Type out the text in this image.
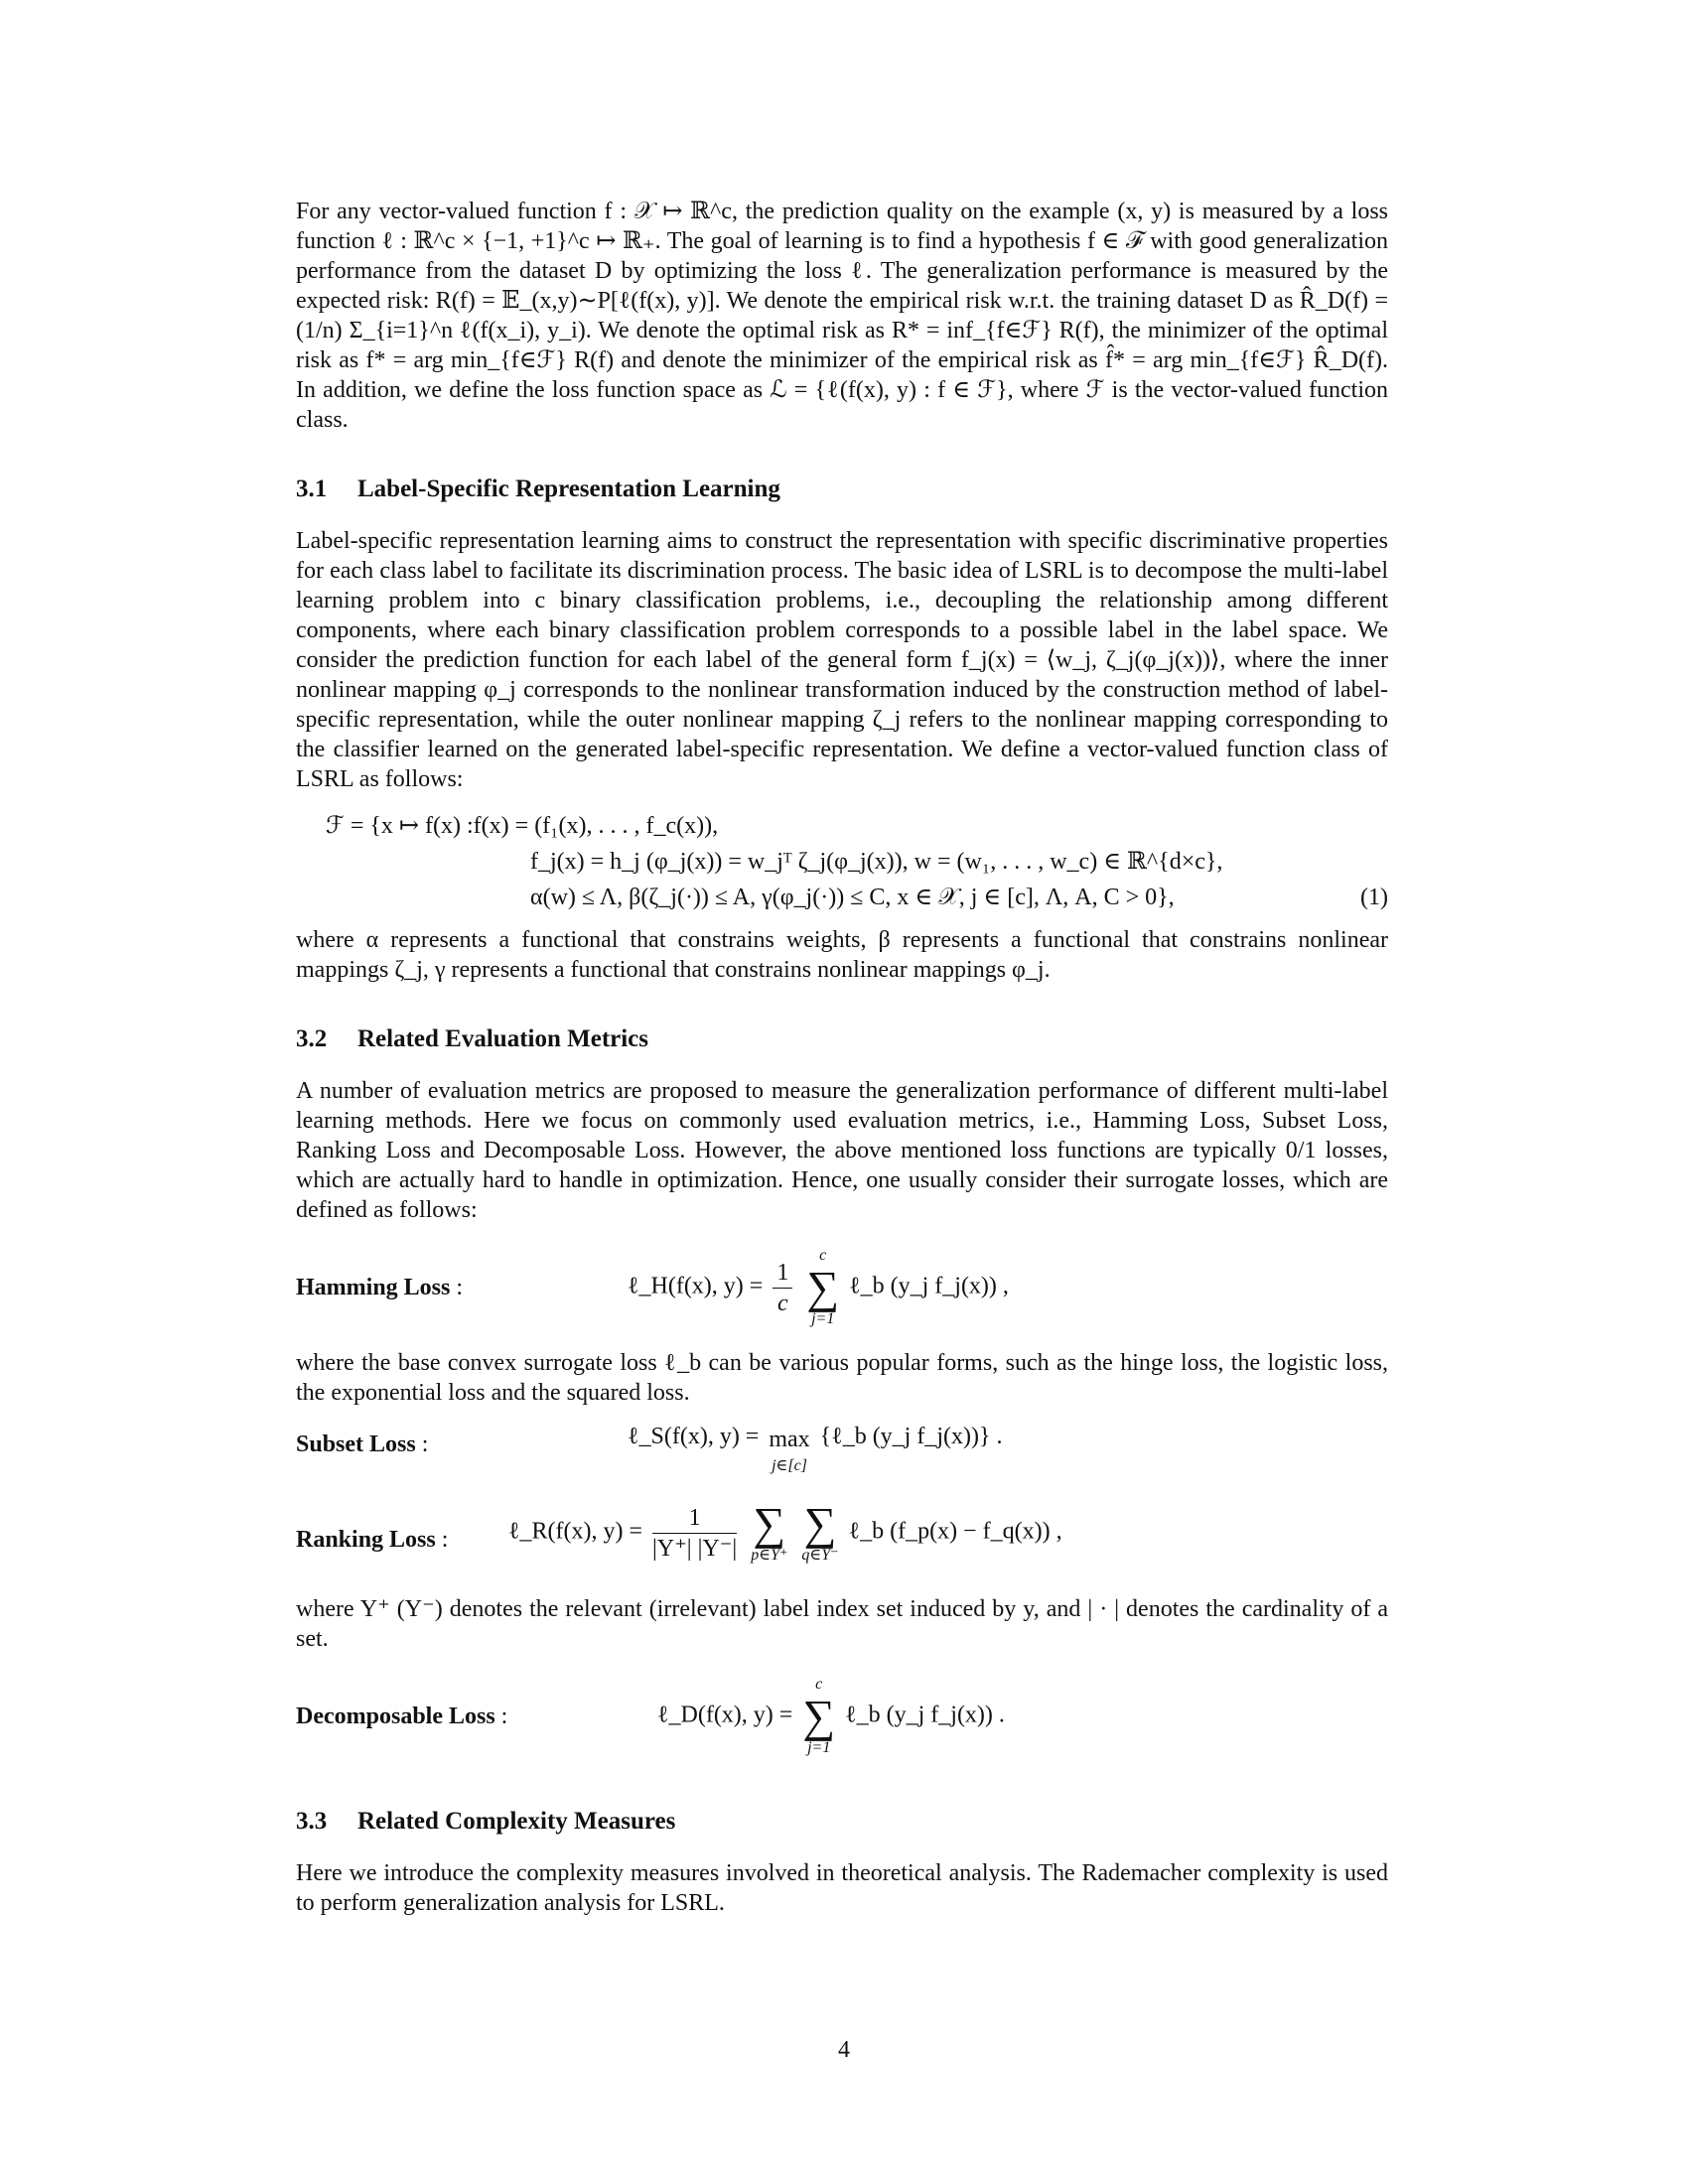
For any vector-valued function f : 𝒳 ↦ ℝ^c, the prediction quality on the example (x, y) is measured by a loss function ℓ : ℝ^c × {−1, +1}^c ↦ ℝ₊. The goal of learning is to find a hypothesis f ∈ ℱ with good generalization performance from the dataset D by optimizing the loss ℓ. The generalization performance is measured by the expected risk: R(f) = 𝔼_(x,y)∼P[ℓ(f(x), y)]. We denote the empirical risk w.r.t. the training dataset D as R̂_D(f) = (1/n) Σ_{i=1}^n ℓ(f(x_i), y_i). We denote the optimal risk as R* = inf_{f∈ℱ} R(f), the minimizer of the optimal risk as f* = arg min_{f∈ℱ} R(f) and denote the minimizer of the empirical risk as f̂* = arg min_{f∈ℱ} R̂_D(f). In addition, we define the loss function space as ℒ = {ℓ(f(x), y) : f ∈ ℱ}, where ℱ is the vector-valued function class.

3.1 Label-Specific Representation Learning

Label-specific representation learning aims to construct the representation with specific discriminative properties for each class label to facilitate its discrimination process. The basic idea of LSRL is to decompose the multi-label learning problem into c binary classification problems, i.e., decoupling the relationship among different components, where each binary classification problem corresponds to a possible label in the label space. We consider the prediction function for each label of the general form f_j(x) = ⟨w_j, ζ_j(φ_j(x))⟩, where the inner nonlinear mapping φ_j corresponds to the nonlinear transformation induced by the construction method of label-specific representation, while the outer nonlinear mapping ζ_j refers to the nonlinear mapping corresponding to the classifier learned on the generated label-specific representation. We define a vector-valued function class of LSRL as follows:

ℱ = {x ↦ f(x) :f(x) = (f₁(x), . . . , f_c(x)),
f_j(x) = h_j (φ_j(x)) = w_jᵀ ζ_j(φ_j(x)), w = (w₁, . . . , w_c) ∈ ℝ^{d×c},
α(w) ≤ Λ, β(ζ_j(·)) ≤ A, γ(φ_j(·)) ≤ C, x ∈ 𝒳, j ∈ [c], Λ, A, C > 0},	(1)

where α represents a functional that constrains weights, β represents a functional that constrains nonlinear mappings ζ_j, γ represents a functional that constrains nonlinear mappings φ_j.

3.2 Related Evaluation Metrics

A number of evaluation metrics are proposed to measure the generalization performance of different multi-label learning methods. Here we focus on commonly used evaluation metrics, i.e., Hamming Loss, Subset Loss, Ranking Loss and Decomposable Loss. However, the above mentioned loss functions are typically 0/1 losses, which are actually hard to handle in optimization. Hence, one usually consider their surrogate losses, which are defined as follows:

Hamming Loss :	ℓ_H(f(x), $y) = \frac{1}{c}$

c
∑
j=1
ℓ_b (y_j f_j(x)) ,

where the base convex surrogate loss ℓ_b can be various popular forms, such as the hinge loss, the logistic loss, the exponential loss and the squared loss.

Subset Loss :	ℓ_S(f(x), y) = max
j∈[c]
{ℓ_b (y_j f_j(x))} .
Ranking Loss :	ℓ_R(f(x), $y) = \frac{1}{|Y^+| |Y^-|}$
∑
p∈Y⁺

∑
q∈Y⁻
ℓ_b (f_p(x) − f_q(x)) ,

where Y⁺ (Y⁻) denotes the relevant (irrelevant) label index set induced by y, and | · | denotes the cardinality of a set.

Decomposable Loss :	ℓ_D(f(x), y) =
c
∑
j=1
ℓ_b (y_j f_j(x)) .
3.3 Related Complexity Measures

Here we introduce the complexity measures involved in theoretical analysis. The Rademacher complexity is used to perform generalization analysis for LSRL.

4
